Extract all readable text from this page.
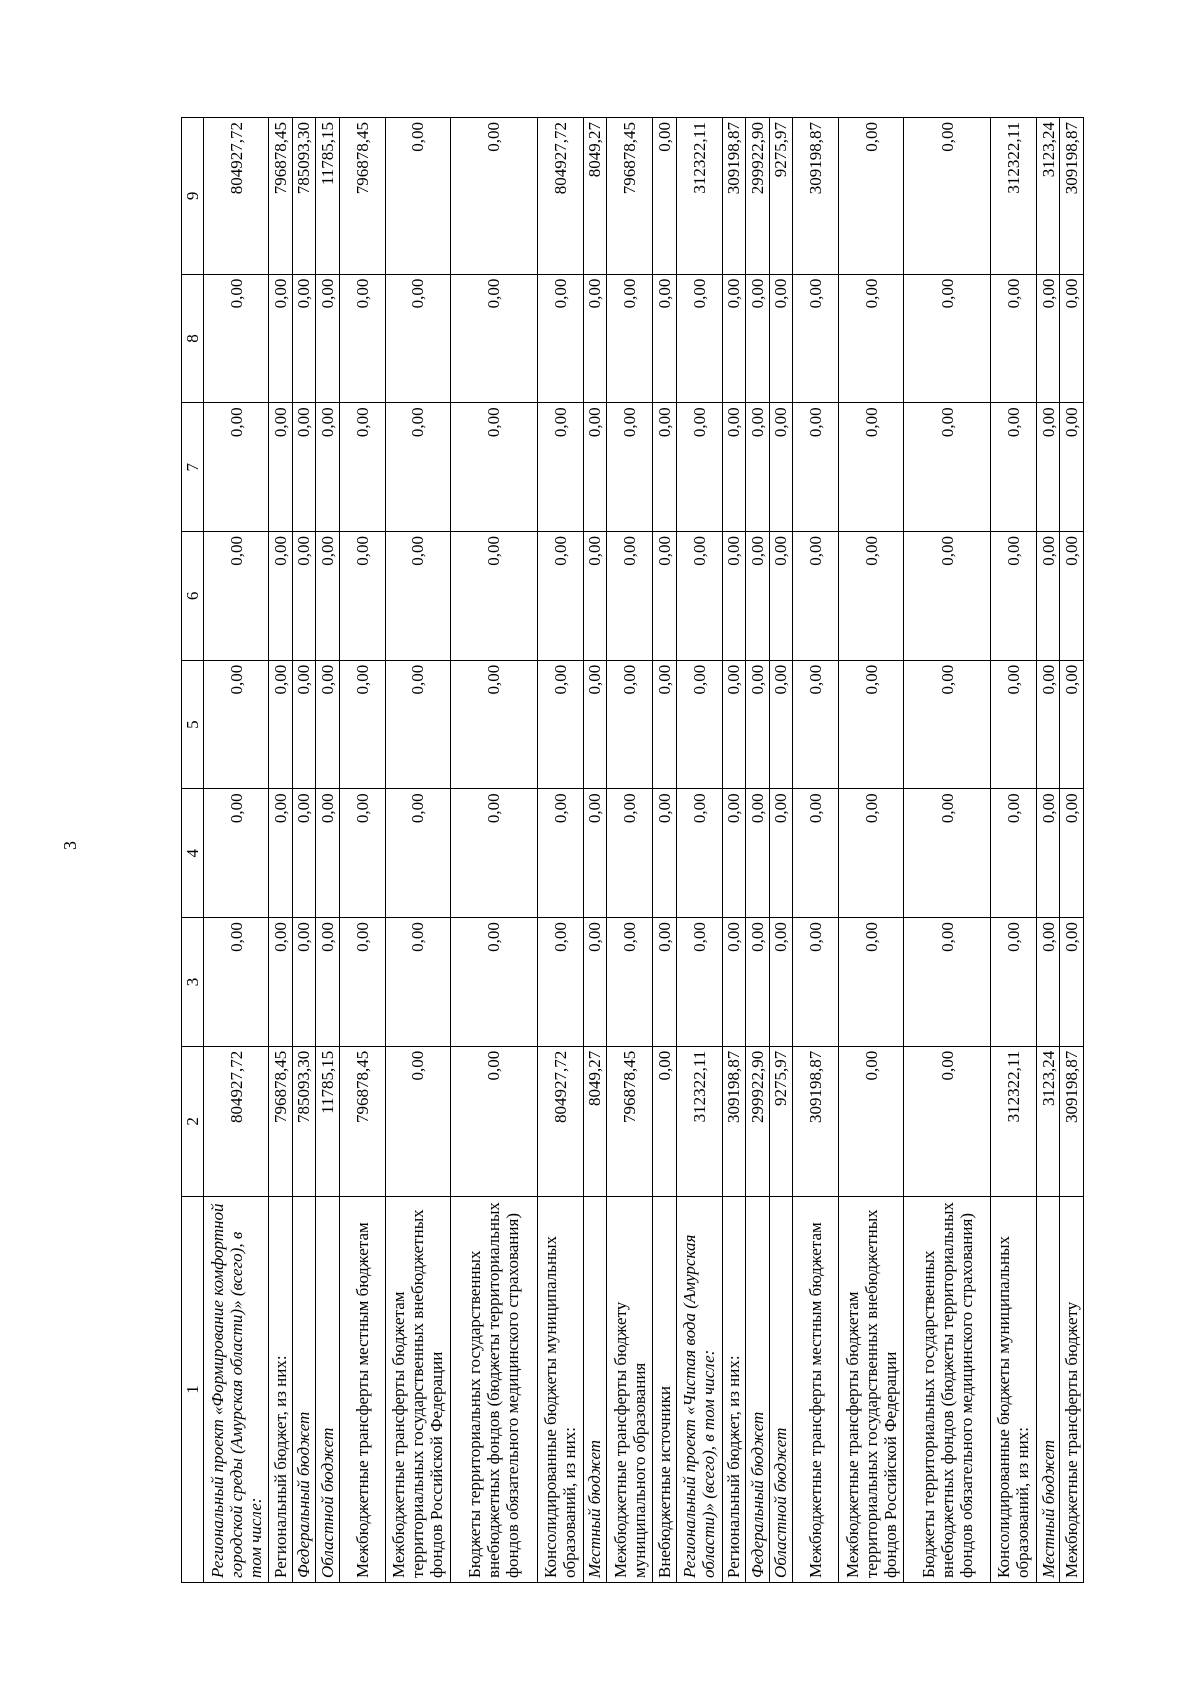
3
1	2	3	4	5	6	7	8	9
Региональный проект «Формирование комфортной городской среды (Амурская области)» (всего), в том числе:	804927,72	0,00	0,00	0,00	0,00	0,00	0,00	804927,72
Региональный бюджет, из них:	796878,45	0,00	0,00	0,00	0,00	0,00	0,00	796878,45
Федеральный бюджет	785093,30	0,00	0,00	0,00	0,00	0,00	0,00	785093,30
Областной бюджет	11785,15	0,00	0,00	0,00	0,00	0,00	0,00	11785,15
Межбюджетные трансферты местным бюджетам	796878,45	0,00	0,00	0,00	0,00	0,00	0,00	796878,45
Межбюджетные трансферты бюджетам территориальных государственных внебюджетных фондов Российской Федерации	0,00	0,00	0,00	0,00	0,00	0,00	0,00	0,00
Бюджеты территориальных государственных внебюджетных фондов (бюджеты территориальных фондов обязательного медицинского страхования)	0,00	0,00	0,00	0,00	0,00	0,00	0,00	0,00
Консолидированные бюджеты муниципальных образований, из них:	804927,72	0,00	0,00	0,00	0,00	0,00	0,00	804927,72
Местный бюджет	8049,27	0,00	0,00	0,00	0,00	0,00	0,00	8049,27
Межбюджетные трансферты бюджету муниципального образования	796878,45	0,00	0,00	0,00	0,00	0,00	0,00	796878,45
Внебюджетные источники	0,00	0,00	0,00	0,00	0,00	0,00	0,00	0,00
Региональный проект «Чистая вода (Амурская области)» (всего), в том числе:	312322,11	0,00	0,00	0,00	0,00	0,00	0,00	312322,11
Региональный бюджет, из них:	309198,87	0,00	0,00	0,00	0,00	0,00	0,00	309198,87
Федеральный бюджет	299922,90	0,00	0,00	0,00	0,00	0,00	0,00	299922,90
Областной бюджет	9275,97	0,00	0,00	0,00	0,00	0,00	0,00	9275,97
Межбюджетные трансферты местным бюджетам	309198,87	0,00	0,00	0,00	0,00	0,00	0,00	309198,87
Межбюджетные трансферты бюджетам территориальных государственных внебюджетных фондов Российской Федерации	0,00	0,00	0,00	0,00	0,00	0,00	0,00	0,00
Бюджеты территориальных государственных внебюджетных фондов (бюджеты территориальных фондов обязательного медицинского страхования)	0,00	0,00	0,00	0,00	0,00	0,00	0,00	0,00
Консолидированные бюджеты муниципальных образований, из них:	312322,11	0,00	0,00	0,00	0,00	0,00	0,00	312322,11
Местный бюджет	3123,24	0,00	0,00	0,00	0,00	0,00	0,00	3123,24
Межбюджетные трансферты бюджету	309198,87	0,00	0,00	0,00	0,00	0,00	0,00	309198,87
